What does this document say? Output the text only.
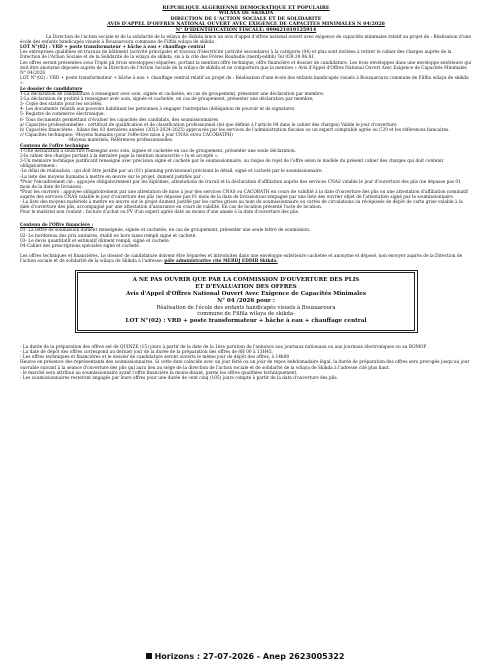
REPUBLIQUE ALGERIENNE DEMOCRATIQUE ET POPULAIRE
WILAYA DE SKIKDA
DIRECTION DE L'ACTION SOCIALE ET DE SOLIDARITE
AVIS D'APPEL D'OFFRES NATIONAL OUVERT AVEC EXIGENCE DE CAPACITES MINIMALES N 04/2026
N° D'IDENTIFICATION FISCALE: 099621019125914

La Direction de l'action sociale et de la solidarité de la wilaya de Skikda lance un avis d'appel d'offres national ouvert avec exigence de capacités minimales relatif au projet de : Réalisation d'une école des enfants handicapés visuels à Bouzaaroura commune de Filfila wilaya de skikda .

LOT N°(02) : VRD + poste transformateur + bâche à eau + chauffage central

Les entreprises qualifiées en travaux de bâtiment (activité principale) et travaux d'électricité (activité secondaire) à la catégorie (04) et plus sont invitées à retirer le cahier des charges auprès de la Direction de l'Action Sociale et de la Solidarité de la wilaya de skikda, sis à la cité des Frères Rouhadis (merdj-eddib) Tel 039.39.96.81.

Les offres seront présentées sous Triple pli (trois enveloppes) séparées, portant la mention offre technique, offre financière et dossier de candidature. Les trois enveloppes dans une enveloppe extérieure qui doit être anonyme déposée auprès de la Direction de l'Action Sociale de la wilaya de skikda et ne comportera que la mention « Avis d'Appel d'Offres National Ouvert Avec Exigence de Capacités Minimales N° 04/2026

LOT N°(02) : VRD + poste transformateur + bâche à eau + chauffage central relatif au projet de : Réalisation d'une école des enfants handicapés visuels à Bouzaaroura commune de Filfila wilaya de skikda ».

Le dossier de candidature

1-La déclaration de candidature à renseigner avec soin, signée et cachetée, en cas de groupement, présenter une déclaration par membre;

2-La déclaration de probité à renseigner avec soin, signée et cachetée, en cas de groupement, présenter une déclaration par membre;

3- Copie des statuts pour les sociétés.

4- Les documents relatifs aux pouvoirs habilitant les personnes à engager l'entreprise (délégation de pouvoir et de signature).

5- Registre de commerce électronique.

6- Tous documents permettant d'évaluer les capacités des candidats, des soumissionnaires

a/ Capacités professionnelles : certificat de qualification et de classification professionnel.(tel que définie à l'article 04 dans le cahier des charges) Valide le jour d'ouverture

b/ Capacités financières : bilans des 03 dernières années (2023-2024-2025) approuvés par les services de l'administration fiscales ou un expert comptable agrée ou C20 et les références bancaires.

c/ Capacités techniques: -Moyens humains (pour l'effective mise à jour CNAS et/ou CACOBATPH)

-Moyens matériels, Références professionnelles.

Contenu de l'offre technique

1-Une déclaration à souscrire renseigné avec soin, signée et cachetée en cas de groupement, présenter une seule déclaration.

2-le cahier des charges portant à la dernière page la mention manuscrite « lu et accepté ».

3-Un mémoire technique justificatif renseigné avec précision signé et cacheté par le soumissionnaire, au risque de rejet de l'offre selon le modèle du présent cahier des charges qui doit contenir obligatoirement :

-Le délai de réalisation : qui doit être justifié par un (01) planning prévisionnel précisant le détail, signé et cacheté par le soumissionnaire.

-La liste des moyens humains à mettre en œuvre sur le projet, dument justifiés par :

*Pour l'encadrement clé : appuyée obligatoirement par les diplômes, attestations de travail et la déclaration d'affiliation auprès des services CNAS valable le jour d'ouverture des plis (ne dépasse pas 01 mois de la date de livraison).

*Pour les ouvriers : appuyée obligatoirement par une attestation de mise à jour des services CNAS ou CACOBATH en cours de validité à la date d'ouverture des plis ou une attestation d'affiliation nominatif auprès des services CNAS valable le jour d'ouverture des plis (ne dépasse pas 01 mois de la date de livraison)accompagné par une liste des ouvrier objet de l'attestation signé par le soumissionnaire.

- La liste des moyens matériels à mettre en œuvre sur le projet dument justifié par les cartes grises au nom du soumissionnaire ou cartes de circulations ou récépissés de dépôt de carte grise valable à la date d'ouverture des plis, accompagné par une attestation d'assurance en cours de validité. En cas de location présenté l'acte de location.

Pour le matériel non roulant : facture d'achat ou PV d'un expert agréé daté au moins d'une année à la date d'ouverture des plis.

Contenu de l'Offre financière :

01- La lettre de soumission dûment renseignée, signée et cachetée, en cas de groupement, présenter une seule lettre de soumission.

02- Le bordereau des prix unitaires, établi en hors taxes rempli signé et cacheté.

03- Le devis quantitatif et estimatif dûment rempli, signé et cacheté.

04-Cahier des prescriptions spéciales signé et cacheté.

Les offres techniques et financières, Le dossier de candidature doivent être Séparées et introduites dans une enveloppe extérieure cachetée et anonyme et déposé, non envoyer auprès de la Direction de l'action sociale et de solidarité de la wilaya de Skikda à l'adresse: pôle administrative cité MERDJ EDDIB Skikda.

A NE PAS OUVRIR QUE PAR LA COMMISSION D'OUVERTURE DES PLIS
ET D'EVALUATION DES OFFRES
Avis d'Appel d'Offres National Ouvert Avec Exigence de Capacités Minimales
N° 04 /2026 pour :
Réalisation de l'école des enfants handicapés visuels à Bouzaaroura
commune de Filfila wilaya de skikda-
LOT N°(02) : VRD + poste transformateur + bâche à eau + chauffage central

- La durée de la préparation des offres est de QUINZE (15) jours à partir de la date de la 1ère parution de l'annonce aux journaux nationaux ou aux journaux électroniques ou au BOMOP .

- La date de dépôt des offres correspond au dernier jour de la durée de la préparation des offres de 8H 00 à 13H45.

- Les offres techniques et financières et le dossier de candidature seront ouverts le même jour de dépôt des offres, à 14h00

Heures en présence des représentants des soumissionnaires. Si cette date coïncide avec un jour férié ou un jour de repos hebdomadaire légal, la durée de préparation des offres sera prorogée jusqu'au jour ouvrable suivant à la séance d'ouverture des plis qui aura lieu au siège de la direction de l'action sociale et de solidarité de la wilaya de Skikda à l'adresse cité plus haut.

- le marché sera attribué au soumissionnaire ayant l'offre financière la moins-disant, parmi les offres qualifiées techniquement.

- Les soumissionnaires resteront engagés par leurs offres pour une durée de cent cinq (105) jours compté à partir de la date d'ouverture des plis.

Horizons : 27-07-2026 - Anep 2623005322
